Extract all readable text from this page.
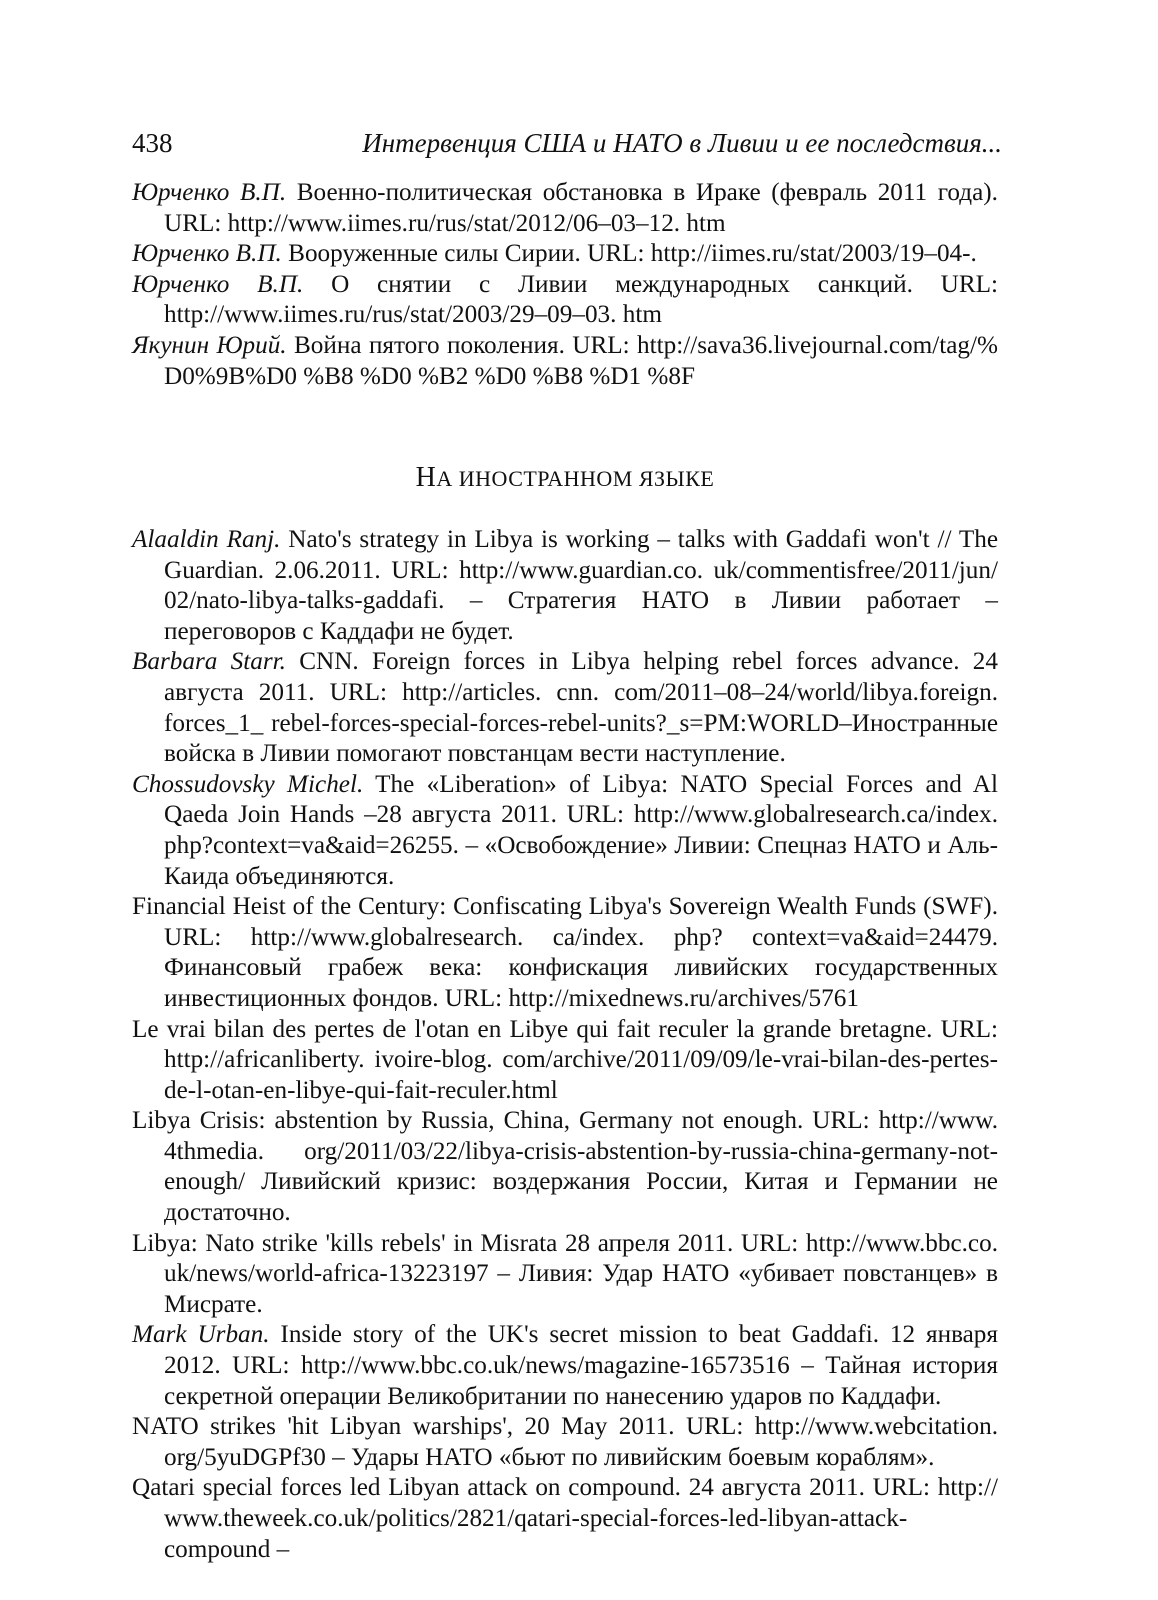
438	Интервенция США и НАТО в Ливии и ее последствия...

Юрченко В.П. Военно-политическая обстановка в Ираке (февраль 2011 года). URL: http://www.iimes.ru/rus/stat/2012/06–03–12. htm

Юрченко В.П. Вооруженные силы Сирии. URL: http://iimes.ru/stat/2003/19–04-.

Юрченко В.П. О снятии с Ливии международных санкций. URL: http://www.iimes.ru/rus/stat/2003/29–09–03. htm

Якунин Юрий. Война пятого поколения. URL: http://sava36.livejournal.com/tag/% D0%9B%D0 %B8 %D0 %B2 %D0 %B8 %D1 %8F

НА ИНОСТРАННОМ ЯЗЫКЕ

Alaaldin Ranj. Nato's strategy in Libya is working – talks with Gaddafi won't // The Guardian. 2.06.2011. URL: http://www.guardian.co. uk/commentisfree/2011/jun/ 02/nato-libya-talks-gaddafi. – Стратегия НАТО в Ливии работает – переговоров с Каддафи не будет.

Barbara Starr. CNN. Foreign forces in Libya helping rebel forces advance. 24 августа 2011. URL: http://articles. cnn. com/2011–08–24/world/libya.foreign. forces_1_ rebel-forces-special-forces-rebel-units?_s=PM:WORLD–Иностранные войска в Ливии помогают повстанцам вести наступление.

Chossudovsky Michel. The «Liberation» of Libya: NATO Special Forces and Al Qaeda Join Hands –28 августа 2011. URL: http://www.globalresearch.ca/index. php?context=va&aid=26255. – «Освобождение» Ливии: Спецназ НАТО и Аль-Каида объединяются.

Financial Heist of the Century: Confiscating Libya's Sovereign Wealth Funds (SWF). URL: http://www.globalresearch. ca/index. php? context=va&aid=24479. Финансовый грабеж века: конфискация ливийских государственных инвестиционных фондов. URL: http://mixednews.ru/archives/5761

Le vrai bilan des pertes de l'otan en Libye qui fait reculer la grande bretagne. URL: http://africanliberty. ivoire-blog. com/archive/2011/09/09/le-vrai-bilan-des-pertes-de-l-otan-en-libye-qui-fait-reculer.html

Libya Crisis: abstention by Russia, China, Germany not enough. URL: http://www. 4thmedia. org/2011/03/22/libya-crisis-abstention-by-russia-china-germany-not-enough/ Ливийский кризис: воздержания России, Китая и Германии не достаточно.

Libya: Nato strike 'kills rebels' in Misrata 28 апреля 2011. URL: http://www.bbc.co. uk/news/world-africa-13223197 – Ливия: Удар НАТО «убивает повстанцев» в Мисрате.

Mark Urban. Inside story of the UK's secret mission to beat Gaddafi. 12 января 2012. URL: http://www.bbc.co.uk/news/magazine-16573516 – Тайная история секретной операции Великобритании по нанесению ударов по Каддафи.

NATO strikes 'hit Libyan warships', 20 May 2011. URL: http://www.webcitation. org/5yuDGPf30 – Удары НАТО «бьют по ливийским боевым кораблям».

Qatari special forces led Libyan attack on compound. 24 августа 2011. URL: http:// www.theweek.co.uk/politics/2821/qatari-special-forces-led-libyan-attack-compound –
